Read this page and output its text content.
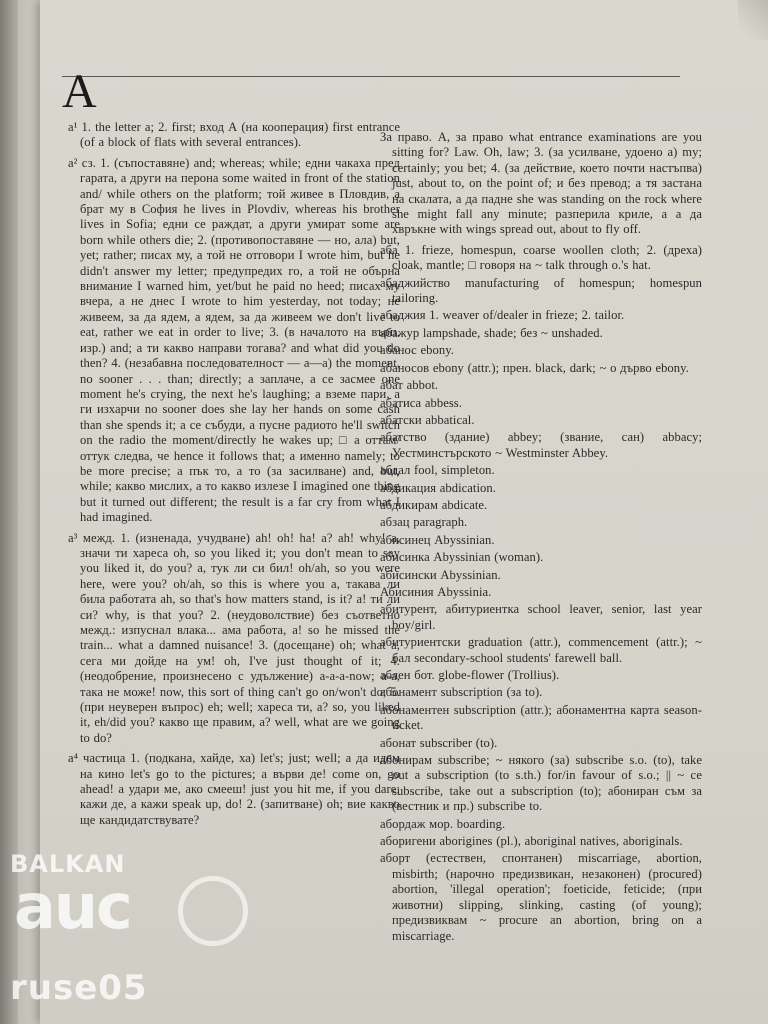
A

а¹ 1. the letter a; 2. first; вход А (на кооперация) first entrance (of a block of flats with several entrances).

а² сз. 1. (съпоставяне) and; whereas; while; едни чакаха пред гарата, а други на перона some waited in front of the station and/ while others on the platform; той живее в Пловдив, а брат му в София he lives in Plovdiv, whereas his brother lives in Sofia; едни се раждат, а други умират some are born while others die; 2. (противопоставяне — но, ала) but, yet; rather; писах му, а той не отговори I wrote him, but he didn't answer my letter; предупредих го, а той не обърна внимание I warned him, yet/but he paid no heed; писах му вчера, а не днес I wrote to him yesterday, not today; не живеем, за да ядем, а ядем, за да живеем we don't live to eat, rather we eat in order to live; 3. (в началото на върп. изр.) and; а ти какво направи тогава? and what did you do then? 4. (незабавна последователност — а—а) the moment, no sooner . . . than; directly; a заплаче, а се засмее one moment he's crying, the next he's laughing; а вземе пари, а ги изхарчи no sooner does she lay her hands on some cash than she spends it; а се събуди, а пусне радиото he'll switch on the radio the moment/directly he wakes up; □ а оттам/оттук следва, че hence it follows that; а именно namely; to be more precise; а пък то, а то (за засилване) and, but, while; какво мислих, а то какво излезе I imagined one thing but it turned out different; the result is a far cry from what I had imagined.

а³ межд. 1. (изненада, учудване) ah! oh! ha! а? ah! why! а, значи ти хареса oh, so you liked it; you don't mean to say you liked it, do you? а, тук ли си бил! oh/ah, so you were here, were you? oh/ah, so this is where you а, такава ли била работата ah, so that's how matters stand, is it? а! ти ли си? why, is that you? 2. (неудоволствие) без съответно межд.: изпуснал влака... ама работа, а! so he missed the train... what a damned nuisance! 3. (досещане) oh; what а, сега ми дойде на ум! oh, I've just thought of it; 4. (неодобрение, произнесено с удължение) а-а-а-now; а-а, така не може! now, this sort of thing can't go on/won't do; 5. (при неуверен въпрос) eh; well; хареса ти, а? so, you liked it, eh/did you? какво ще правим, а? well, what are we going to do?

а⁴ частица 1. (подкана, хайде, ха) let's; just; well; а да идем на кино let's go to the pictures; а върви де! come on, go ahead! а удари ме, ако смееш! just you hit me, if you dare; кажи де, а кажи speak up, do! 2. (запитване) oh; вие какво ще кандидатствувате?

За право. А, за право what entrance examinations are you sitting for? Law. Oh, law; 3. (за усилване, удоено а) my; certainly; you bet; 4. (за действие, което почти настъпва) just, about to, on the point of; и без превод; а тя застана на скалата, а да падне she was standing on the rock where she might fall any minute; разперила криле, а а да хвръкне with wings spread out, about to fly off.

аба 1. frieze, homespun, coarse woollen cloth; 2. (дреха) cloak, mantle; □ говоря на ~ talk through o.'s hat.

абаджийство manufacturing of homespun; homespun tailoring.

абаджия 1. weaver of/dealer in frieze; 2. tailor.

абажур lampshade, shade; без ~ unshaded.

абанос ebony.

абаносов ebony (attr.); прен. black, dark; ~ о дърво ebony.

абат abbot.

абатиса abbess.

абатски abbatical.

абатство (здание) abbey; (звание, сан) abbacy; Уестминстърското ~ Westminster Abbey.

абдал fool, simpleton.

абдикация abdication.

абдикирам abdicate.

абзац paragraph.

абисинец Abyssinian.

абисинка Abyssinian (woman).

абисински Abyssinian.

Абисиния Abyssinia.

абитурент, абитуриентка school leaver, senior, last year boy/girl.

абитуриентски graduation (attr.), commencement (attr.); ~ бал secondary-school students' farewell ball.

аблен бот. globe-flower (Trollius).

абонамент subscription (за to).

абонаментен subscription (attr.); абонаментна карта season-ticket.

абонат subscriber (to).

абонирам subscribe; ~ някого (за) subscribe s.o. (to), take out a subscription (to s.th.) for/in favour of s.o.; || ~ се subscribe, take out a subscription (to); абониран съм за (вестник и пр.) subscribe to.

абордаж мор. boarding.

аборигени aborigines (pl.), aboriginal natives, aboriginals.

аборт (естествен, спонтанен) miscarriage, abortion, misbirth; (нарочно предизвикан, незаконен) (procured) abortion, 'illegal operation'; foeticide, feticide; (при животни) slipping, slinking, casting (of young); предизвиквам ~ procure an abortion, bring on a miscarriage.

BALKAN
auc
ruse05
